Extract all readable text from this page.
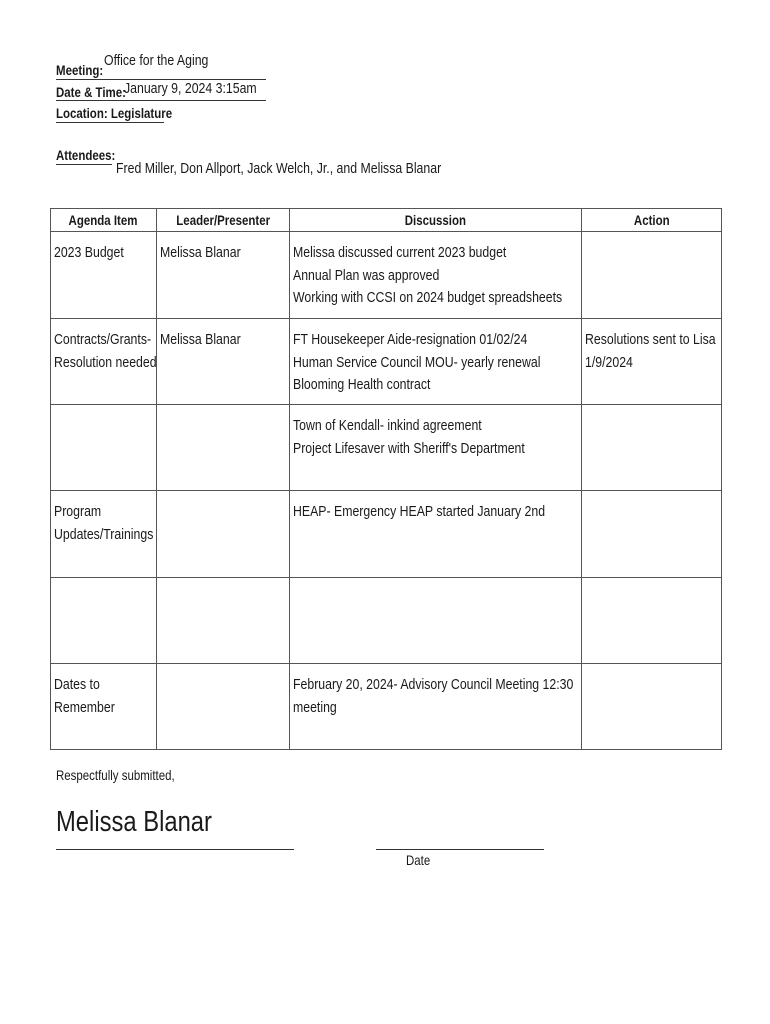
Meeting:
Office for the Aging
Date & Time:
January 9, 2024 3:15am
Location: Legislature
Attendees:
Fred Miller, Don Allport, Jack Welch, Jr., and Melissa Blanar
Agenda Item	Leader/Presenter	Discussion	Action

2023 Budget	Melissa Blanar	Melissa discussed current 2023 budget
Annual Plan was approved
Working with CCSI on 2024 budget spreadsheets	

Contracts/Grants-
Resolution needed	Melissa Blanar	FT Housekeeper Aide-resignation 01/02/24
Human Service Council MOU- yearly renewal
Blooming Health contract	Resolutions sent to Lisa
1/9/2024

		Town of Kendall- inkind agreement
Project Lifesaver with Sheriff's Department	

Program
Updates/Trainings		HEAP- Emergency HEAP started January 2nd	

Dates to
Remember		February 20, 2024- Advisory Council Meeting 12:30
meeting	

Respectfully submitted,
Melissa Blanar
Date
